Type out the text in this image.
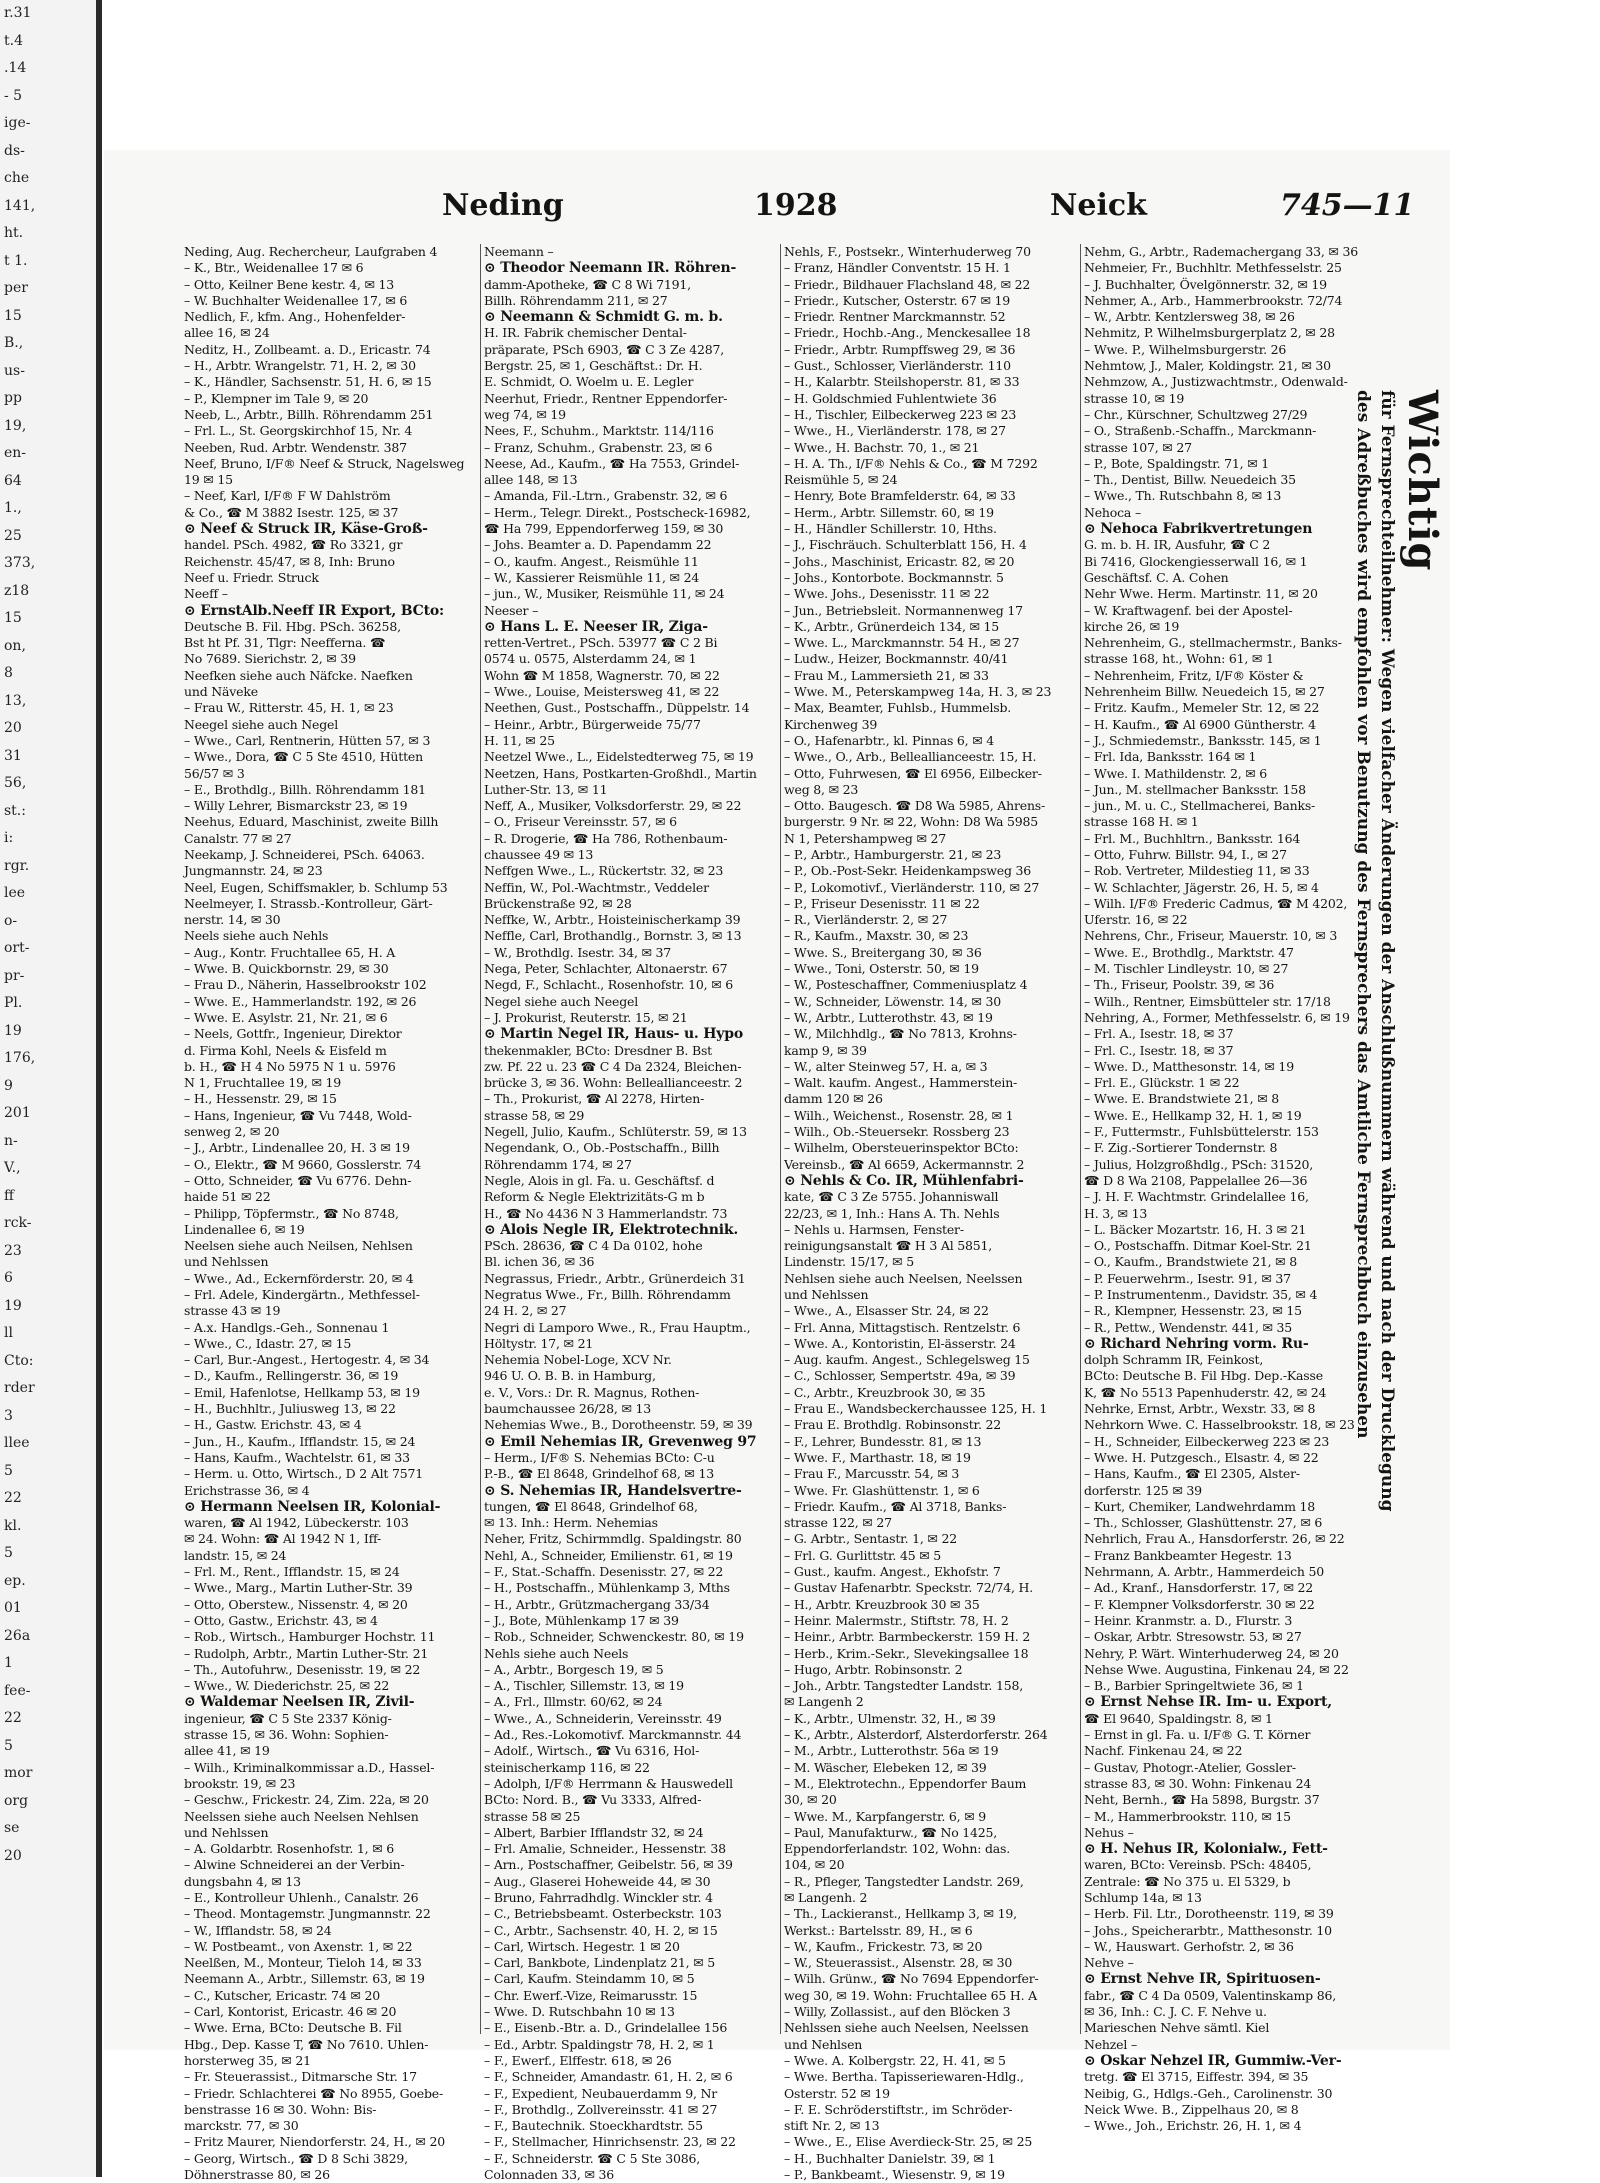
r.31
t.4
.14
- 5
ige-
ds-
che
141,
ht.
t 1.
per
15
B.,
us-
pp
19,
en-
64
1.,
25
373,
z18
15
on,
8
13,
20
31
56,
st.:
i:
rgr.
lee
o-
ort-
pr-
Pl.
19
176,
9
201
n-
V.,
ff
rck-
23
6
19
ll
Cto:
rder
3
llee
5
22
kl.
5
ep.
01
26a
1
fee-
22
5
mor
org
se
20
Neding	1928	Neick	745—11
Neding, Aug. Rechercheur, Laufgraben 4
– K., Btr., Weidenallee 17 ✉ 6
– Otto, Keilner Bene kestr. 4, ✉ 13
– W. Buchhalter Weidenallee 17, ✉ 6
Nedlich, F., kfm. Ang., Hohenfelder-
allee 16, ✉ 24
Neditz, H., Zollbeamt. a. D., Ericastr. 74
– H., Arbtr. Wrangelstr. 71, H. 2, ✉ 30
– K., Händler, Sachsenstr. 51, H. 6, ✉ 15
– P., Klempner im Tale 9, ✉ 20
Neeb, L., Arbtr., Billh. Röhrendamm 251
– Frl. L., St. Georgskirchhof 15, Nr. 4
Neeben, Rud. Arbtr. Wendenstr. 387
Neef, Bruno, I/F® Neef & Struck, Nagelsweg
19 ✉ 15
– Neef, Karl, I/F® F W Dahlström
& Co., ☎ M 3882 Isestr. 125, ✉ 37
⊙ Neef & Struck IR, Käse-Groß-
handel. PSch. 4982, ☎ Ro 3321, gr
Reichenstr. 45/47, ✉ 8, Inh: Bruno
Neef u. Friedr. Struck
Neeff –
⊙ ErnstAlb.Neeff IR Export, BCto:
Deutsche B. Fil. Hbg. PSch. 36258,
Bst ht Pf. 31, Tlgr: Neefferna. ☎
No 7689. Sierichstr. 2, ✉ 39
Neefken siehe auch Näfcke. Naefken
und Näveke
– Frau W., Ritterstr. 45, H. 1, ✉ 23
Neegel siehe auch Negel
– Wwe., Carl, Rentnerin, Hütten 57, ✉ 3
– Wwe., Dora, ☎ C 5 Ste 4510, Hütten
56/57 ✉ 3
– E., Brothdlg., Billh. Röhrendamm 181
– Willy Lehrer, Bismarckstr 23, ✉ 19
Neehus, Eduard, Maschinist, zweite Billh
Canalstr. 77 ✉ 27
Neekamp, J. Schneiderei, PSch. 64063.
Jungmannstr. 24, ✉ 23
Neel, Eugen, Schiffsmakler, b. Schlump 53
Neelmeyer, I. Strassb.-Kontrolleur, Gärt-
nerstr. 14, ✉ 30
Neels siehe auch Nehls
– Aug., Kontr. Fruchtallee 65, H. A
– Wwe. B. Quickbornstr. 29, ✉ 30
– Frau D., Näherin, Hasselbrookstr 102
– Wwe. E., Hammerlandstr. 192, ✉ 26
– Wwe. E. Asylstr. 21, Nr. 21, ✉ 6
– Neels, Gottfr., Ingenieur, Direktor
d. Firma Kohl, Neels & Eisfeld m
b. H., ☎ H 4 No 5975 N 1 u. 5976
N 1, Fruchtallee 19, ✉ 19
– H., Hessenstr. 29, ✉ 15
– Hans, Ingenieur, ☎ Vu 7448, Wold-
senweg 2, ✉ 20
– J., Arbtr., Lindenallee 20, H. 3 ✉ 19
– O., Elektr., ☎ M 9660, Gosslerstr. 74
– Otto, Schneider, ☎ Vu 6776. Dehn-
haide 51 ✉ 22
– Philipp, Töpfermstr., ☎ No 8748,
Lindenallee 6, ✉ 19
Neelsen siehe auch Neilsen, Nehlsen
und Nehlssen
– Wwe., Ad., Eckernförderstr. 20, ✉ 4
– Frl. Adele, Kindergärtn., Methfessel-
strasse 43 ✉ 19
– A.x. Handlgs.-Geh., Sonnenau 1
– Wwe., C., Idastr. 27, ✉ 15
– Carl, Bur.-Angest., Hertogestr. 4, ✉ 34
– D., Kaufm., Rellingerstr. 36, ✉ 19
– Emil, Hafenlotse, Hellkamp 53, ✉ 19
– H., Buchhltr., Juliusweg 13, ✉ 22
– H., Gastw. Erichstr. 43, ✉ 4
– Jun., H., Kaufm., Ifflandstr. 15, ✉ 24
– Hans, Kaufm., Wachtelstr. 61, ✉ 33
– Herm. u. Otto, Wirtsch., D 2 Alt 7571
Erichstrasse 36, ✉ 4
⊙ Hermann Neelsen IR, Kolonial-
waren, ☎ Al 1942, Lübeckerstr. 103
✉ 24. Wohn: ☎ Al 1942 N 1, Iff-
landstr. 15, ✉ 24
– Frl. M., Rent., Ifflandstr. 15, ✉ 24
– Wwe., Marg., Martin Luther-Str. 39
– Otto, Oberstew., Nissenstr. 4, ✉ 20
– Otto, Gastw., Erichstr. 43, ✉ 4
– Rob., Wirtsch., Hamburger Hochstr. 11
– Rudolph, Arbtr., Martin Luther-Str. 21
– Th., Autofuhrw., Desenisstr. 19, ✉ 22
– Wwe., W. Diederichstr. 25, ✉ 22
⊙ Waldemar Neelsen IR, Zivil-
ingenieur, ☎ C 5 Ste 2337 König-
strasse 15, ✉ 36. Wohn: Sophien-
allee 41, ✉ 19
– Wilh., Kriminalkommissar a.D., Hassel-
brookstr. 19, ✉ 23
– Geschw., Frickestr. 24, Zim. 22a, ✉ 20
Neelssen siehe auch Neelsen Nehlsen
und Nehlssen
– A. Goldarbtr. Rosenhofstr. 1, ✉ 6
– Alwine Schneiderei an der Verbin-
dungsbahn 4, ✉ 13
– E., Kontrolleur Uhlenh., Canalstr. 26
– Theod. Montagemstr. Jungmannstr. 22
– W., Ifflandstr. 58, ✉ 24
– W. Postbeamt., von Axenstr. 1, ✉ 22
Neelßen, M., Monteur, Tieloh 14, ✉ 33
Neemann A., Arbtr., Sillemstr. 63, ✉ 19
– C., Kutscher, Ericastr. 74 ✉ 20
– Carl, Kontorist, Ericastr. 46 ✉ 20
– Wwe. Erna, BCto: Deutsche B. Fil
Hbg., Dep. Kasse T, ☎ No 7610. Uhlen-
horsterweg 35, ✉ 21
– Fr. Steuerassist., Ditmarsche Str. 17
– Friedr. Schlachterei ☎ No 8955, Goebe-
benstrasse 16 ✉ 30. Wohn: Bis-
marckstr. 77, ✉ 30
– Fritz Maurer, Niendorferstr. 24, H., ✉ 20
– Georg, Wirtsch., ☎ D 8 Schi 3829,
Döhnerstrasse 80, ✉ 26
Neemann –
⊙ Theodor Neemann IR. Röhren-
damm-Apotheke, ☎ C 8 Wi 7191,
Billh. Röhrendamm 211, ✉ 27
⊙ Neemann & Schmidt G. m. b.
H. IR. Fabrik chemischer Dental-
präparate, PSch 6903, ☎ C 3 Ze 4287,
Bergstr. 25, ✉ 1, Geschäftst.: Dr. H.
E. Schmidt, O. Woelm u. E. Legler
Neerhut, Friedr., Rentner Eppendorfer-
weg 74, ✉ 19
Nees, F., Schuhm., Marktstr. 114/116
– Franz, Schuhm., Grabenstr. 23, ✉ 6
Neese, Ad., Kaufm., ☎ Ha 7553, Grindel-
allee 148, ✉ 13
– Amanda, Fil.-Ltrn., Grabenstr. 32, ✉ 6
– Herm., Telegr. Direkt., Postscheck-16982,
☎ Ha 799, Eppendorferweg 159, ✉ 30
– Johs. Beamter a. D. Papendamm 22
– O., kaufm. Angest., Reismühle 11
– W., Kassierer Reismühle 11, ✉ 24
– jun., W., Musiker, Reismühle 11, ✉ 24
Neeser –
⊙ Hans L. E. Neeser IR, Ziga-
retten-Vertret., PSch. 53977 ☎ C 2 Bi
0574 u. 0575, Alsterdamm 24, ✉ 1
Wohn ☎ M 1858, Wagnerstr. 70, ✉ 22
– Wwe., Louise, Meistersweg 41, ✉ 22
Neethen, Gust., Postschaffn., Düppelstr. 14
– Heinr., Arbtr., Bürgerweide 75/77
H. 11, ✉ 25
Neetzel Wwe., L., Eidelstedterweg 75, ✉ 19
Neetzen, Hans, Postkarten-Großhdl., Martin
Luther-Str. 13, ✉ 11
Neff, A., Musiker, Volksdorferstr. 29, ✉ 22
– O., Friseur Vereinsstr. 57, ✉ 6
– R. Drogerie, ☎ Ha 786, Rothenbaum-
chaussee 49 ✉ 13
Neffgen Wwe., L., Rückertstr. 32, ✉ 23
Neffin, W., Pol.-Wachtmstr., Veddeler
Brückenstraße 92, ✉ 28
Neffke, W., Arbtr., Hoisteinischerkamp 39
Neffle, Carl, Brothandlg., Bornstr. 3, ✉ 13
– W., Brothdlg. Isestr. 34, ✉ 37
Nega, Peter, Schlachter, Altonaerstr. 67
Negd, F., Schlacht., Rosenhofstr. 10, ✉ 6
Negel siehe auch Neegel
– J. Prokurist, Reuterstr. 15, ✉ 21
⊙ Martin Negel IR, Haus- u. Hypo
thekenmakler, BCto: Dresdner B. Bst
zw. Pf. 22 u. 23 ☎ C 4 Da 2324, Bleichen-
brücke 3, ✉ 36. Wohn: Belleallianceestr. 2
– Th., Prokurist, ☎ Al 2278, Hirten-
strasse 58, ✉ 29
Negell, Julio, Kaufm., Schlüterstr. 59, ✉ 13
Negendank, O., Ob.-Postschaffn., Billh
Röhrendamm 174, ✉ 27
Negle, Alois in gl. Fa. u. Geschäftsf. d
Reform & Negle Elektrizitäts-G m b
H., ☎ No 4436 N 3 Hammerlandstr. 73
⊙ Alois Negle IR, Elektrotechnik.
PSch. 28636, ☎ C 4 Da 0102, hohe
Bl. ichen 36, ✉ 36
Negrassus, Friedr., Arbtr., Grünerdeich 31
Negratus Wwe., Fr., Billh. Röhrendamm
24 H. 2, ✉ 27
Negri di Lamporo Wwe., R., Frau Hauptm.,
Höltystr. 17, ✉ 21
Nehemia Nobel-Loge, XCV Nr.
946 U. O. B. B. in Hamburg,
e. V., Vors.: Dr. R. Magnus, Rothen-
baumchaussee 26/28, ✉ 13
Nehemias Wwe., B., Dorotheenstr. 59, ✉ 39
⊙ Emil Nehemias IR, Grevenweg 97
– Herm., I/F® S. Nehemias BCto: C-u
P.-B., ☎ El 8648, Grindelhof 68, ✉ 13
⊙ S. Nehemias IR, Handelsvertre-
tungen, ☎ El 8648, Grindelhof 68,
✉ 13. Inh.: Herm. Nehemias
Neher, Fritz, Schirmmdlg. Spaldingstr. 80
Nehl, A., Schneider, Emilienstr. 61, ✉ 19
– F., Stat.-Schaffn. Desenisstr. 27, ✉ 22
– H., Postschaffn., Mühlenkamp 3, Mths
– H., Arbtr., Grützmachergang 33/34
– J., Bote, Mühlenkamp 17 ✉ 39
– Rob., Schneider, Schwenckestr. 80, ✉ 19
Nehls siehe auch Neels
– A., Arbtr., Borgesch 19, ✉ 5
– A., Tischler, Sillemstr. 13, ✉ 19
– A., Frl., Illmstr. 60/62, ✉ 24
– Wwe., A., Schneiderin, Vereinsstr. 49
– Ad., Res.-Lokomotivf. Marckmannstr. 44
– Adolf., Wirtsch., ☎ Vu 6316, Hol-
steinischerkamp 116, ✉ 22
– Adolph, I/F® Herrmann & Hauswedell
BCto: Nord. B., ☎ Vu 3333, Alfred-
strasse 58 ✉ 25
– Albert, Barbier Ifflandstr 32, ✉ 24
– Frl. Amalie, Schneider., Hessenstr. 38
– Arn., Postschaffner, Geibelstr. 56, ✉ 39
– Aug., Glaserei Hoheweide 44, ✉ 30
– Bruno, Fahrradhdlg. Winckler str. 4
– C., Betriebsbeamt. Osterbeckstr. 103
– C., Arbtr., Sachsenstr. 40, H. 2, ✉ 15
– Carl, Wirtsch. Hegestr. 1 ✉ 20
– Carl, Bankbote, Lindenplatz 21, ✉ 5
– Carl, Kaufm. Steindamm 10, ✉ 5
– Chr. Ewerf.-Vize, Reimarusstr. 15
– Wwe. D. Rutschbahn 10 ✉ 13
– E., Eisenb.-Btr. a. D., Grindelallee 156
– Ed., Arbtr. Spaldingstr 78, H. 2, ✉ 1
– F., Ewerf., Elffestr. 618, ✉ 26
– F., Schneider, Amandastr. 61, H. 2, ✉ 6
– F., Expedient, Neubauerdamm 9, Nr
– F., Brothdlg., Zollvereinsstr. 41 ✉ 27
– F., Bautechnik. Stoeckhardtstr. 55
– F., Stellmacher, Hinrichsenstr. 23, ✉ 22
– F., Schneiderstr. ☎ C 5 Ste 3086,
Colonnaden 33, ✉ 36
Nehls, F., Postsekr., Winterhuderweg 70
– Franz, Händler Conventstr. 15 H. 1
– Friedr., Bildhauer Flachsland 48, ✉ 22
– Friedr., Kutscher, Osterstr. 67 ✉ 19
– Friedr. Rentner Marckmannstr. 52
– Friedr., Hochb.-Ang., Menckesallee 18
– Friedr., Arbtr. Rumpffsweg 29, ✉ 36
– Gust., Schlosser, Vierländerstr. 110
– H., Kalarbtr. Steilshoperstr. 81, ✉ 33
– H. Goldschmied Fuhlentwiete 36
– H., Tischler, Eilbeckerweg 223 ✉ 23
– Wwe., H., Vierländerstr. 178, ✉ 27
– Wwe., H. Bachstr. 70, 1., ✉ 21
– H. A. Th., I/F® Nehls & Co., ☎ M 7292
Reismühle 5, ✉ 24
– Henry, Bote Bramfelderstr. 64, ✉ 33
– Herm., Arbtr. Sillemstr. 60, ✉ 19
– H., Händler Schillerstr. 10, Hths.
– J., Fischräuch. Schulterblatt 156, H. 4
– Johs., Maschinist, Ericastr. 82, ✉ 20
– Johs., Kontorbote. Bockmannstr. 5
– Wwe. Johs., Desenisstr. 11 ✉ 22
– Jun., Betriebsleit. Normannenweg 17
– K., Arbtr., Grünerdeich 134, ✉ 15
– Wwe. L., Marckmannstr. 54 H., ✉ 27
– Ludw., Heizer, Bockmannstr. 40/41
– Frau M., Lammersieth 21, ✉ 33
– Wwe. M., Peterskampweg 14a, H. 3, ✉ 23
– Max, Beamter, Fuhlsb., Hummelsb.
Kirchenweg 39
– O., Hafenarbtr., kl. Pinnas 6, ✉ 4
– Wwe., O., Arb., Belleallianceestr. 15, H.
– Otto, Fuhrwesen, ☎ El 6956, Eilbecker-
weg 8, ✉ 23
– Otto. Baugesch. ☎ D8 Wa 5985, Ahrens-
burgerstr. 9 Nr. ✉ 22, Wohn: D8 Wa 5985
N 1, Petershampweg ✉ 27
– P., Arbtr., Hamburgerstr. 21, ✉ 23
– P., Ob.-Post-Sekr. Heidenkampsweg 36
– P., Lokomotivf., Vierländerstr. 110, ✉ 27
– P., Friseur Desenisstr. 11 ✉ 22
– R., Vierländerstr. 2, ✉ 27
– R., Kaufm., Maxstr. 30, ✉ 23
– Wwe. S., Breitergang 30, ✉ 36
– Wwe., Toni, Osterstr. 50, ✉ 19
– W., Posteschaffner, Commeniusplatz 4
– W., Schneider, Löwenstr. 14, ✉ 30
– W., Arbtr., Lutterothstr. 43, ✉ 19
– W., Milchhdlg., ☎ No 7813, Krohns-
kamp 9, ✉ 39
– W., alter Steinweg 57, H. a, ✉ 3
– Walt. kaufm. Angest., Hammerstein-
damm 120 ✉ 26
– Wilh., Weichenst., Rosenstr. 28, ✉ 1
– Wilh., Ob.-Steuersekr. Rossberg 23
– Wilhelm, Obersteuerinspektor BCto:
Vereinsb., ☎ Al 6659, Ackermannstr. 2
⊙ Nehls & Co. IR, Mühlenfabri-
kate, ☎ C 3 Ze 5755. Johanniswall
22/23, ✉ 1, Inh.: Hans A. Th. Nehls
– Nehls u. Harmsen, Fenster-
reinigungsanstalt ☎ H 3 Al 5851,
Lindenstr. 15/17, ✉ 5
Nehlsen siehe auch Neelsen, Neelssen
und Nehlssen
– Wwe., A., Elsasser Str. 24, ✉ 22
– Frl. Anna, Mittagstisch. Rentzelstr. 6
– Wwe. A., Kontoristin, El-ässerstr. 24
– Aug. kaufm. Angest., Schlegelsweg 15
– C., Schlosser, Sempertstr. 49a, ✉ 39
– C., Arbtr., Kreuzbrook 30, ✉ 35
– Frau E., Wandsbeckerchaussee 125, H. 1
– Frau E. Brothdlg. Robinsonstr. 22
– F., Lehrer, Bundesstr. 81, ✉ 13
– Wwe. F., Marthastr. 18, ✉ 19
– Frau F., Marcusstr. 54, ✉ 3
– Wwe. Fr. Glashüttenstr. 1, ✉ 6
– Friedr. Kaufm., ☎ Al 3718, Banks-
strasse 122, ✉ 27
– G. Arbtr., Sentastr. 1, ✉ 22
– Frl. G. Gurlittstr. 45 ✉ 5
– Gust., kaufm. Angest., Ekhofstr. 7
– Gustav Hafenarbtr. Speckstr. 72/74, H.
– H., Arbtr. Kreuzbrook 30 ✉ 35
– Heinr. Malermstr., Stiftstr. 78, H. 2
– Heinr., Arbtr. Barmbeckerstr. 159 H. 2
– Herb., Krim.-Sekr., Slevekingsallee 18
– Hugo, Arbtr. Robinsonstr. 2
– Joh., Arbtr. Tangstedter Landstr. 158,
✉ Langenh 2
– K., Arbtr., Ulmenstr. 32, H., ✉ 39
– K., Arbtr., Alsterdorf, Alsterdorferstr. 264
– M., Arbtr., Lutterothstr. 56a ✉ 19
– M. Wäscher, Elebeken 12, ✉ 39
– M., Elektrotechn., Eppendorfer Baum
30, ✉ 20
– Wwe. M., Karpfangerstr. 6, ✉ 9
– Paul, Manufakturw., ☎ No 1425,
Eppendorferlandstr. 102, Wohn: das.
104, ✉ 20
– R., Pfleger, Tangstedter Landstr. 269,
✉ Langenh. 2
– Th., Lackieranst., Hellkamp 3, ✉ 19,
Werkst.: Bartelsstr. 89, H., ✉ 6
– W., Kaufm., Frickestr. 73, ✉ 20
– W., Steuerassist., Alsenstr. 28, ✉ 30
– Wilh. Grünw., ☎ No 7694 Eppendorfer-
weg 30, ✉ 19. Wohn: Fruchtallee 65 H. A
– Willy, Zollassist., auf den Blöcken 3
Nehlssen siehe auch Neelsen, Neelssen
und Nehlsen
– Wwe. A. Kolbergstr. 22, H. 41, ✉ 5
– Wwe. Bertha. Tapisseriewaren-Hdlg.,
Osterstr. 52 ✉ 19
– F. E. Schröderstiftstr., im Schröder-
stift Nr. 2, ✉ 13
– Wwe., E., Elise Averdieck-Str. 25, ✉ 25
– H., Buchhalter Danielstr. 39, ✉ 1
– P., Bankbeamt., Wiesenstr. 9, ✉ 19
Nehm, G., Arbtr., Rademachergang 33, ✉ 36
Nehmeier, Fr., Buchhltr. Methfesselstr. 25
– J. Buchhalter, Övelgönnerstr. 32, ✉ 19
Nehmer, A., Arb., Hammerbrookstr. 72/74
– W., Arbtr. Kentzlersweg 38, ✉ 26
Nehmitz, P. Wilhelmsburgerplatz 2, ✉ 28
– Wwe. P., Wilhelmsburgerstr. 26
Nehmtow, J., Maler, Koldingstr. 21, ✉ 30
Nehmzow, A., Justizwachtmstr., Odenwald-
strasse 10, ✉ 19
– Chr., Kürschner, Schultzweg 27/29
– O., Straßenb.-Schaffn., Marckmann-
strasse 107, ✉ 27
– P., Bote, Spaldingstr. 71, ✉ 1
– Th., Dentist, Billw. Neuedeich 35
– Wwe., Th. Rutschbahn 8, ✉ 13
Nehoca –
⊙ Nehoca Fabrikvertretungen
G. m. b. H. IR, Ausfuhr, ☎ C 2
Bi 7416, Glockengiesserwall 16, ✉ 1
Geschäftsf. C. A. Cohen
Nehr Wwe. Herm. Martinstr. 11, ✉ 20
– W. Kraftwagenf. bei der Apostel-
kirche 26, ✉ 19
Nehrenheim, G., stellmachermstr., Banks-
strasse 168, ht., Wohn: 61, ✉ 1
– Nehrenheim, Fritz, I/F® Köster &
Nehrenheim Billw. Neuedeich 15, ✉ 27
– Fritz. Kaufm., Memeler Str. 12, ✉ 22
– H. Kaufm., ☎ Al 6900 Güntherstr. 4
– J., Schmiedemstr., Banksstr. 145, ✉ 1
– Frl. Ida, Banksstr. 164 ✉ 1
– Wwe. I. Mathildenstr. 2, ✉ 6
– Jun., M. stellmacher Banksstr. 158
– jun., M. u. C., Stellmacherei, Banks-
strasse 168 H. ✉ 1
– Frl. M., Buchhltrn., Banksstr. 164
– Otto, Fuhrw. Billstr. 94, I., ✉ 27
– Rob. Vertreter, Mildestieg 11, ✉ 33
– W. Schlachter, Jägerstr. 26, H. 5, ✉ 4
– Wilh. I/F® Frederic Cadmus, ☎ M 4202,
Uferstr. 16, ✉ 22
Nehrens, Chr., Friseur, Mauerstr. 10, ✉ 3
– Wwe. E., Brothdlg., Marktstr. 47
– M. Tischler Lindleystr. 10, ✉ 27
– Th., Friseur, Poolstr. 39, ✉ 36
– Wilh., Rentner, Eimsbütteler str. 17/18
Nehring, A., Former, Methfesselstr. 6, ✉ 19
– Frl. A., Isestr. 18, ✉ 37
– Frl. C., Isestr. 18, ✉ 37
– Wwe. D., Matthesonstr. 14, ✉ 19
– Frl. E., Glückstr. 1 ✉ 22
– Wwe. E. Brandstwiete 21, ✉ 8
– Wwe. E., Hellkamp 32, H. 1, ✉ 19
– F., Futtermstr., Fuhlsbüttelerstr. 153
– F. Zig.-Sortierer Tondernstr. 8
– Julius, Holzgroßhdlg., PSch: 31520,
☎ D 8 Wa 2108, Pappelallee 26—36
– J. H. F. Wachtmstr. Grindelallee 16,
H. 3, ✉ 13
– L. Bäcker Mozartstr. 16, H. 3 ✉ 21
– O., Postschaffn. Ditmar Koel-Str. 21
– O., Kaufm., Brandstwiete 21, ✉ 8
– P. Feuerwehrm., Isestr. 91, ✉ 37
– P. Instrumentenm., Davidstr. 35, ✉ 4
– R., Klempner, Hessenstr. 23, ✉ 15
– R., Pettw., Wendenstr. 441, ✉ 35
⊙ Richard Nehring vorm. Ru-
dolph Schramm IR, Feinkost,
BCto: Deutsche B. Fil Hbg. Dep.-Kasse
K, ☎ No 5513 Papenhuderstr. 42, ✉ 24
Nehrke, Ernst, Arbtr., Wexstr. 33, ✉ 8
Nehrkorn Wwe. C. Hasselbrookstr. 18, ✉ 23
– H., Schneider, Eilbeckerweg 223 ✉ 23
– Wwe. H. Putzgesch., Elsastr. 4, ✉ 22
– Hans, Kaufm., ☎ El 2305, Alster-
dorferstr. 125 ✉ 39
– Kurt, Chemiker, Landwehrdamm 18
– Th., Schlosser, Glashüttenstr. 27, ✉ 6
Nehrlich, Frau A., Hansdorferstr. 26, ✉ 22
– Franz Bankbeamter Hegestr. 13
Nehrmann, A. Arbtr., Hammerdeich 50
– Ad., Kranf., Hansdorferstr. 17, ✉ 22
– F. Klempner Volksdorferstr. 30 ✉ 22
– Heinr. Kranmstr. a. D., Flurstr. 3
– Oskar, Arbtr. Stresowstr. 53, ✉ 27
Nehry, P. Wärt. Winterhuderweg 24, ✉ 20
Nehse Wwe. Augustina, Finkenau 24, ✉ 22
– B., Barbier Springeltwiete 36, ✉ 1
⊙ Ernst Nehse IR. Im- u. Export,
☎ El 9640, Spaldingstr. 8, ✉ 1
– Ernst in gl. Fa. u. I/F® G. T. Körner
Nachf. Finkenau 24, ✉ 22
– Gustav, Photogr.-Atelier, Gossler-
strasse 83, ✉ 30. Wohn: Finkenau 24
Neht, Bernh., ☎ Ha 5898, Burgstr. 37
– M., Hammerbrookstr. 110, ✉ 15
Nehus –
⊙ H. Nehus IR, Kolonialw., Fett-
waren, BCto: Vereinsb. PSch: 48405,
Zentrale: ☎ No 375 u. El 5329, b
Schlump 14a, ✉ 13
– Herb. Fil. Ltr., Dorotheenstr. 119, ✉ 39
– Johs., Speicherarbtr., Matthesonstr. 10
– W., Hauswart. Gerhofstr. 2, ✉ 36
Nehve –
⊙ Ernst Nehve IR, Spirituosen-
fabr., ☎ C 4 Da 0509, Valentinskamp 86,
✉ 36, Inh.: C. J. C. F. Nehve u.
Marieschen Nehve sämtl. Kiel
Nehzel –
⊙ Oskar Nehzel IR, Gummiw.-Ver-
tretg. ☎ El 3715, Eiffestr. 394, ✉ 35
Neibig, G., Hdlgs.-Geh., Carolinenstr. 30
Neick Wwe. B., Zippelhaus 20, ✉ 8
– Wwe., Joh., Erichstr. 26, H. 1, ✉ 4
Wichtig
für Fernsprechteilnehmer: Wegen vielfacher Änderungen der Anschlußnummern während und nach der Drucklegung
des Adreßbuches wird empfohlen vor Benutzung des Fernsprechers das Amtliche Fernsprechbuch einzusehen
